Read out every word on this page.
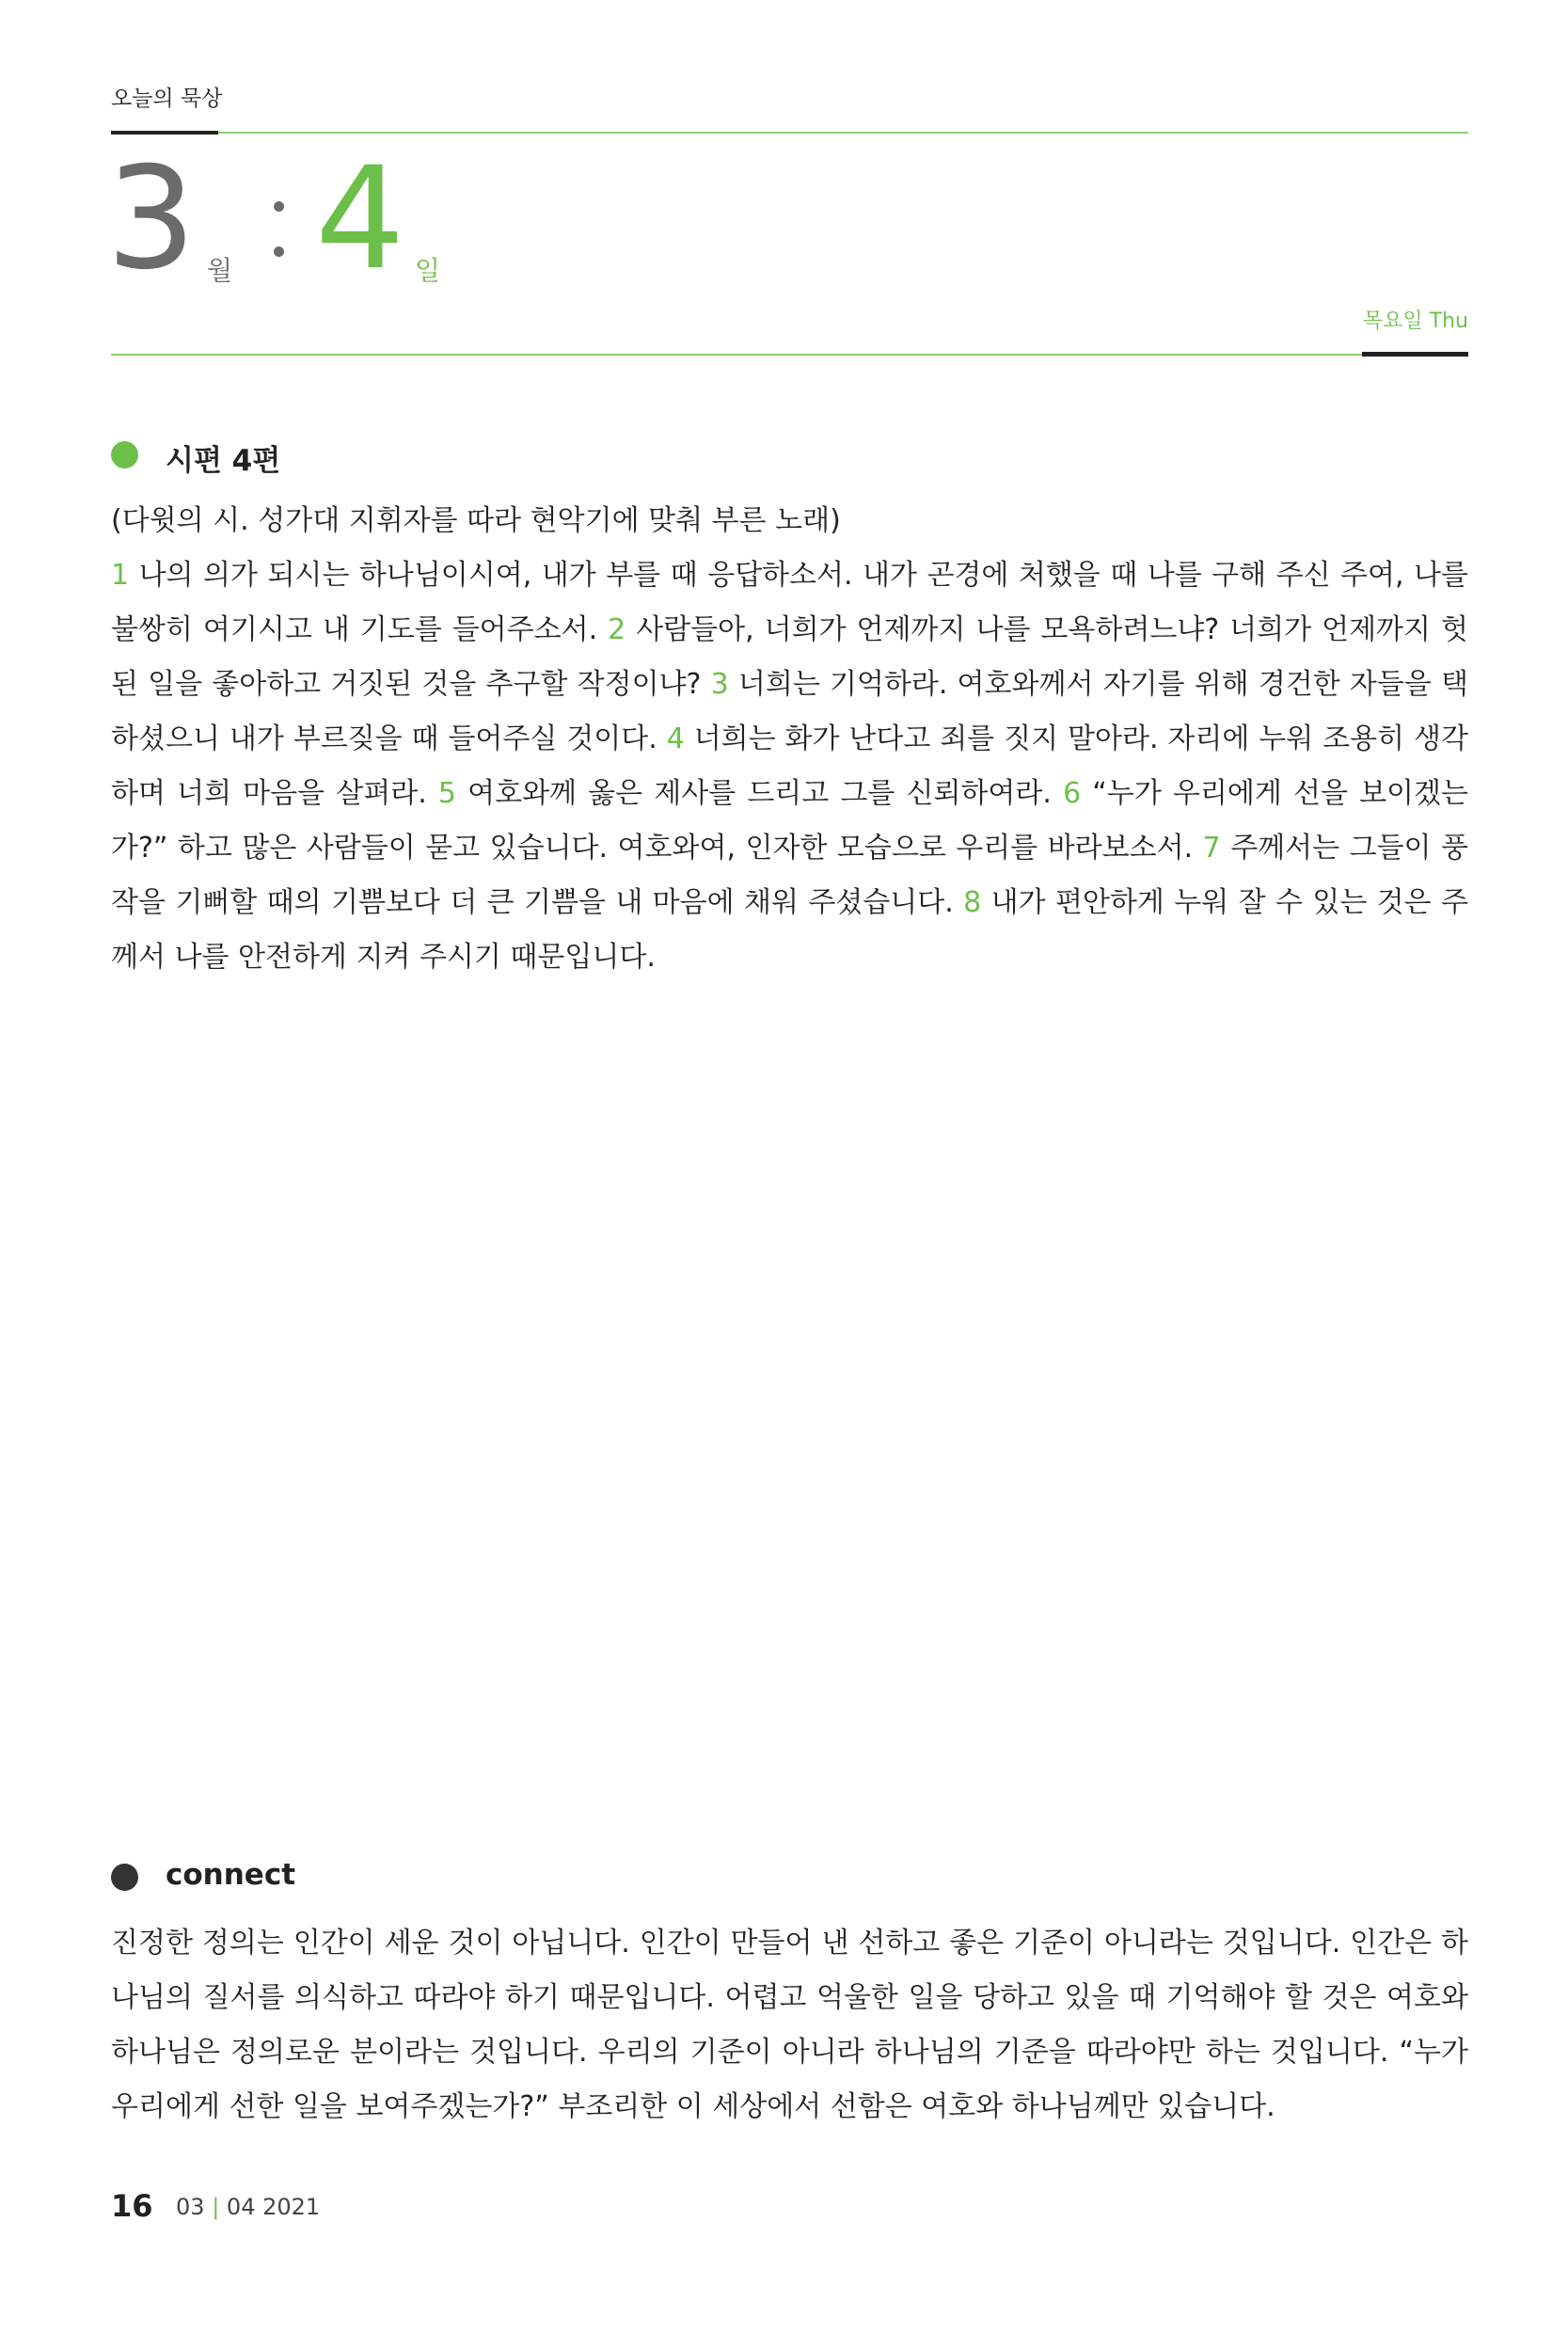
오늘의 묵상
3 월 4 일
목요일 Thu
시편 4편

(다윗의 시. 성가대 지휘자를 따라 현악기에 맞춰 부른 노래)
1 나의 의가 되시는 하나님이시여, 내가 부를 때 응답하소서. 내가 곤경에 처했을 때 나를 구해 주신 주여, 나를 불쌍히 여기시고 내 기도를 들어주소서. 2 사람들아, 너희가 언제까지 나를 모욕하려느냐? 너희가 언제까지 헛된 일을 좋아하고 거짓된 것을 추구할 작정이냐? 3 너희는 기억하라. 여호와께서 자기를 위해 경건한 자들을 택하셨으니 내가 부르짖을 때 들어주실 것이다. 4 너희는 화가 난다고 죄를 짓지 말아라. 자리에 누워 조용히 생각하며 너희 마음을 살펴라. 5 여호와께 옳은 제사를 드리고 그를 신뢰하여라. 6 “누가 우리에게 선을 보이겠는가?” 하고 많은 사람들이 묻고 있습니다. 여호와여, 인자한 모습으로 우리를 바라보소서. 7 주께서는 그들이 풍작을 기뻐할 때의 기쁨보다 더 큰 기쁨을 내 마음에 채워 주셨습니다. 8 내가 편안하게 누워 잘 수 있는 것은 주께서 나를 안전하게 지켜 주시기 때문입니다.

connect

진정한 정의는 인간이 세운 것이 아닙니다. 인간이 만들어 낸 선하고 좋은 기준이 아니라는 것입니다. 인간은 하나님의 질서를 의식하고 따라야 하기 때문입니다. 어렵고 억울한 일을 당하고 있을 때 기억해야 할 것은 여호와 하나님은 정의로운 분이라는 것입니다. 우리의 기준이 아니라 하나님의 기준을 따라야만 하는 것입니다. “누가 우리에게 선한 일을 보여주겠는가?” 부조리한 이 세상에서 선함은 여호와 하나님께만 있습니다.

16 03 | 04 2021
